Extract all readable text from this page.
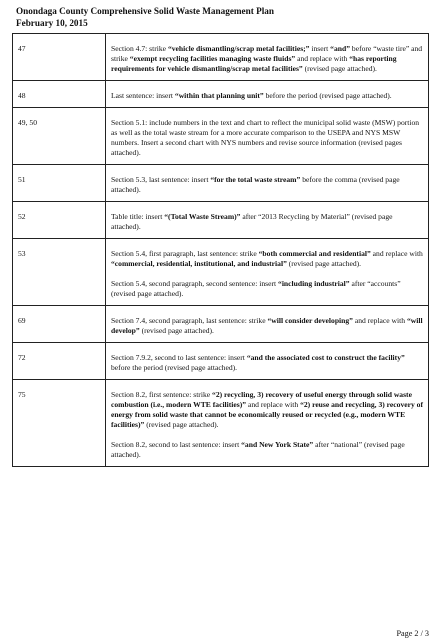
Onondaga County Comprehensive Solid Waste Management Plan
February 10, 2015
47	Section 4.7: strike “vehicle dismantling/scrap metal facilities;” insert “and” before “waste tire” and strike “exempt recycling facilities managing waste fluids” and replace with “has reporting requirements for vehicle dismantling/scrap metal facilities” (revised page attached).

48	Last sentence: insert “within that planning unit” before the period (revised page attached).

49, 50	Section 5.1: include numbers in the text and chart to reflect the municipal solid waste (MSW) portion as well as the total waste stream for a more accurate comparison to the USEPA and NYS MSW numbers. Insert a second chart with NYS numbers and revise source information (revised pages attached).

51	Section 5.3, last sentence: insert “for the total waste stream” before the comma (revised page attached).

52	Table title: insert “(Total Waste Stream)” after “2013 Recycling by Material” (revised page attached).

53	Section 5.4, first paragraph, last sentence: strike “both commercial and residential” and replace with “commercial, residential, institutional, and industrial” (revised page attached).

Section 5.4, second paragraph, second sentence: insert “including industrial” after “accounts” (revised page attached).

69	Section 7.4, second paragraph, last sentence: strike “will consider developing” and replace with “will develop” (revised page attached).

72	Section 7.9.2, second to last sentence: insert “and the associated cost to construct the facility” before the period (revised page attached).

75	Section 8.2, first sentence: strike “2) recycling, 3) recovery of useful energy through solid waste combustion (i.e., modern WTE facilities)” and replace with “2) reuse and recycling, 3) recovery of energy from solid waste that cannot be economically reused or recycled (e.g., modern WTE facilities)” (revised page attached).

Section 8.2, second to last sentence: insert “and New York State” after “national” (revised page attached).

Page 2 / 3
